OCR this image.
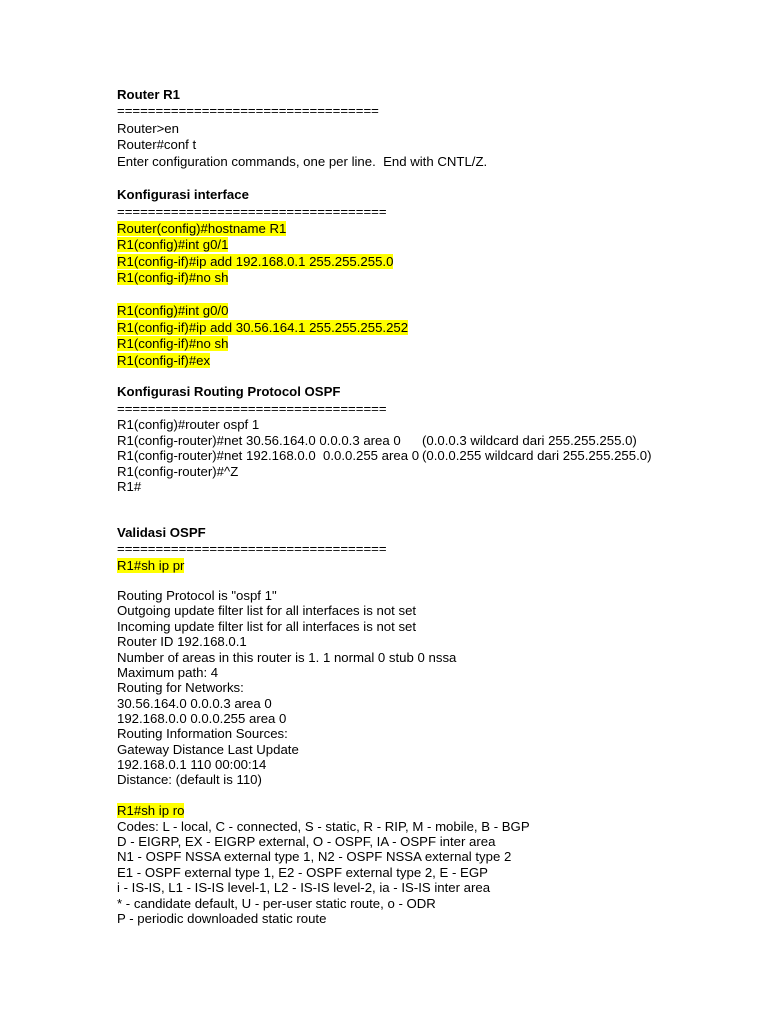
Router R1
==================================
Router>en
Router#conf t
Enter configuration commands, one per line.  End with CNTL/Z.
Konfigurasi interface
===================================
Router(config)#hostname R1
R1(config)#int g0/1
R1(config-if)#ip add 192.168.0.1 255.255.255.0
R1(config-if)#no sh
R1(config)#int g0/0
R1(config-if)#ip add 30.56.164.1 255.255.255.252
R1(config-if)#no sh
R1(config-if)#ex
Konfigurasi Routing Protocol OSPF
===================================
R1(config)#router ospf 1
R1(config-router)#net 30.56.164.0 0.0.0.3 area 0 (0.0.0.3 wildcard dari 255.255.255.0)
R1(config-router)#net 192.168.0.0  0.0.0.255 area 0 (0.0.0.255 wildcard dari 255.255.255.0)
R1(config-router)#^Z
R1#
Validasi OSPF
===================================
R1#sh ip pr
Routing Protocol is "ospf 1"
Outgoing update filter list for all interfaces is not set
Incoming update filter list for all interfaces is not set
Router ID 192.168.0.1
Number of areas in this router is 1. 1 normal 0 stub 0 nssa
Maximum path: 4
Routing for Networks:
30.56.164.0 0.0.0.3 area 0
192.168.0.0 0.0.0.255 area 0
Routing Information Sources:
Gateway Distance Last Update
192.168.0.1 110 00:00:14
Distance: (default is 110)
R1#sh ip ro
Codes: L - local, C - connected, S - static, R - RIP, M - mobile, B - BGP
D - EIGRP, EX - EIGRP external, O - OSPF, IA - OSPF inter area
N1 - OSPF NSSA external type 1, N2 - OSPF NSSA external type 2
E1 - OSPF external type 1, E2 - OSPF external type 2, E - EGP
i - IS-IS, L1 - IS-IS level-1, L2 - IS-IS level-2, ia - IS-IS inter area
* - candidate default, U - per-user static route, o - ODR
P - periodic downloaded static route
